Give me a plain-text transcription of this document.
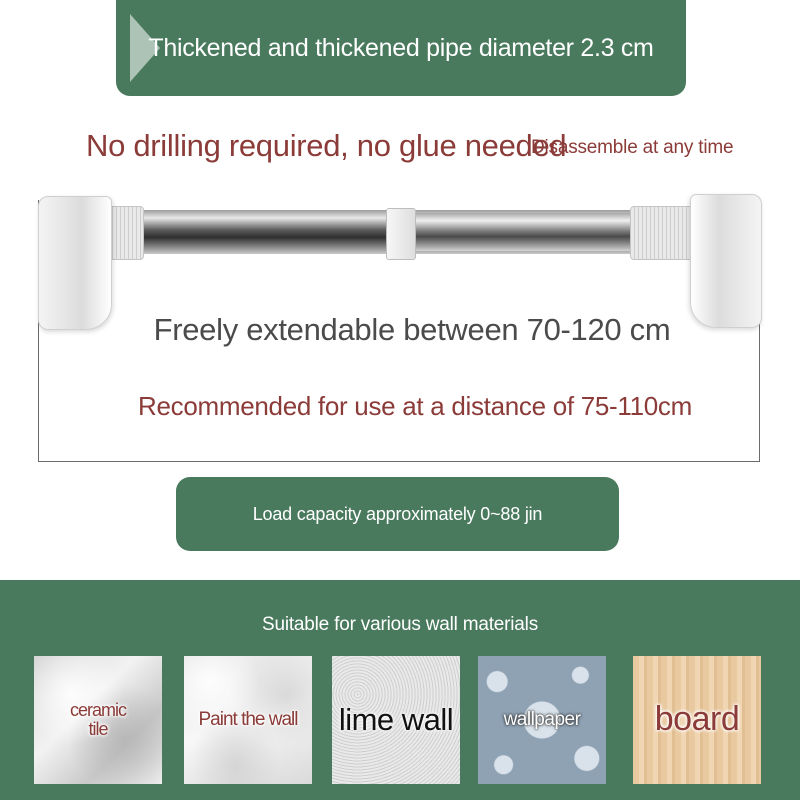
Thickened and thickened pipe diameter 2.3 cm
No drilling required, no glue needed
Disassemble at any time
Freely extendable between 70-120 cm
Recommended for use at a distance of 75-110cm
Load capacity approximately 0~88 jin
Suitable for various wall materials
ceramic
tile	Paint the wall lime wall	wallpaper board
